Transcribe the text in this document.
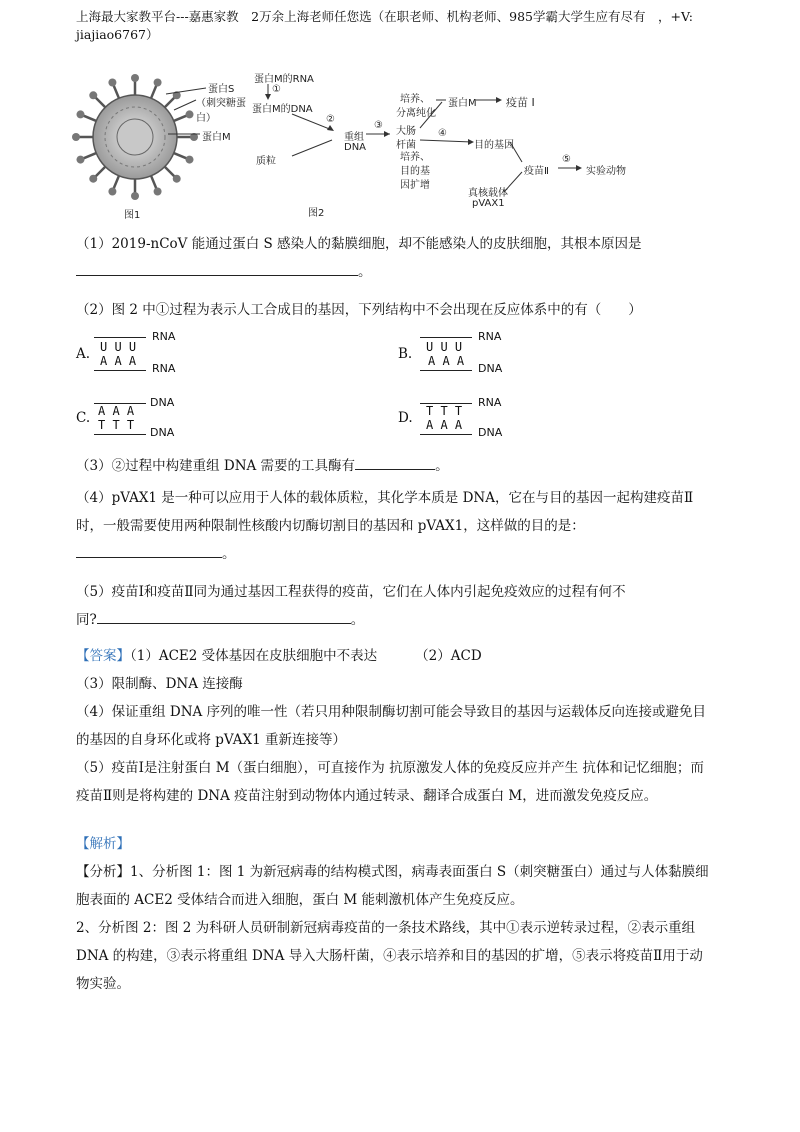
上海最大家教平台---嘉惠家教　2万余上海老师任您选（在职老师、机构老师、985学霸大学生应有尽有　，+V: jiajiao6767）
蛋白S
（刺突糖蛋白）
蛋白M
图1
蛋白M的RNA
①
蛋白M的DNA
②
质粒
重组
DNA
③
大肠
杆菌
培养、
分离纯化
蛋白M	疫苗 Ⅰ
④
培养、
目的基
因扩增
目的基因
疫苗Ⅱ
⑤
实验动物
真核载体
pVAX1
图2
（1）2019-nCoV 能通过蛋白 S 感染人的黏膜细胞，却不能感染人的皮肤细胞，其根本原因是
。
（2）图 2 中①过程为表示人工合成目的基因，下列结构中不会出现在反应体系中的有（　　）
A. U U U
A A A
RNA
RNA
B. U U U
A A A
RNA
DNA
C. A A A
T T T
DNA
DNA
D. T T T
A A A
RNA
DNA
（3）②过程中构建重组 DNA 需要的工具酶有	。
（4）pVAX1 是一种可以应用于人体的载体质粒，其化学本质是 DNA，它在与目的基因一起构建疫苗Ⅱ
时，一般需要使用两种限制性核酸内切酶切割目的基因和 pVAX1，这样做的目的是：
。
（5）疫苗Ⅰ和疫苗Ⅱ同为通过基因工程获得的疫苗，它们在人体内引起免疫效应的过程有何不
同?	。
【答案】（1）ACE2 受体基因在皮肤细胞中不表达	（2）ACD
（3）限制酶、DNA 连接酶
（4）保证重组 DNA 序列的唯一性（若只用种限制酶切割可能会导致目的基因与运载体反向连接或避免目
的基因的自身环化或将 pVAX1 重新连接等）
（5）疫苗Ⅰ是注射蛋白 M（蛋白细胞），可直接作为 抗原激发人体的免疫反应并产生 抗体和记忆细胞；而
疫苗Ⅱ则是将构建的 DNA 疫苗注射到动物体内通过转录、翻译合成蛋白 M，进而激发免疫反应。
【解析】
【分析】1、分析图 1：图 1 为新冠病毒的结构模式图，病毒表面蛋白 S（刺突糖蛋白）通过与人体黏膜细
胞表面的 ACE2 受体结合而进入细胞，蛋白 M 能刺激机体产生免疫反应。
2、分析图 2：图 2 为科研人员研制新冠病毒疫苗的一条技术路线，其中①表示逆转录过程，②表示重组
DNA 的构建，③表示将重组 DNA 导入大肠杆菌，④表示培养和目的基因的扩增，⑤表示将疫苗Ⅱ用于动
物实验。
